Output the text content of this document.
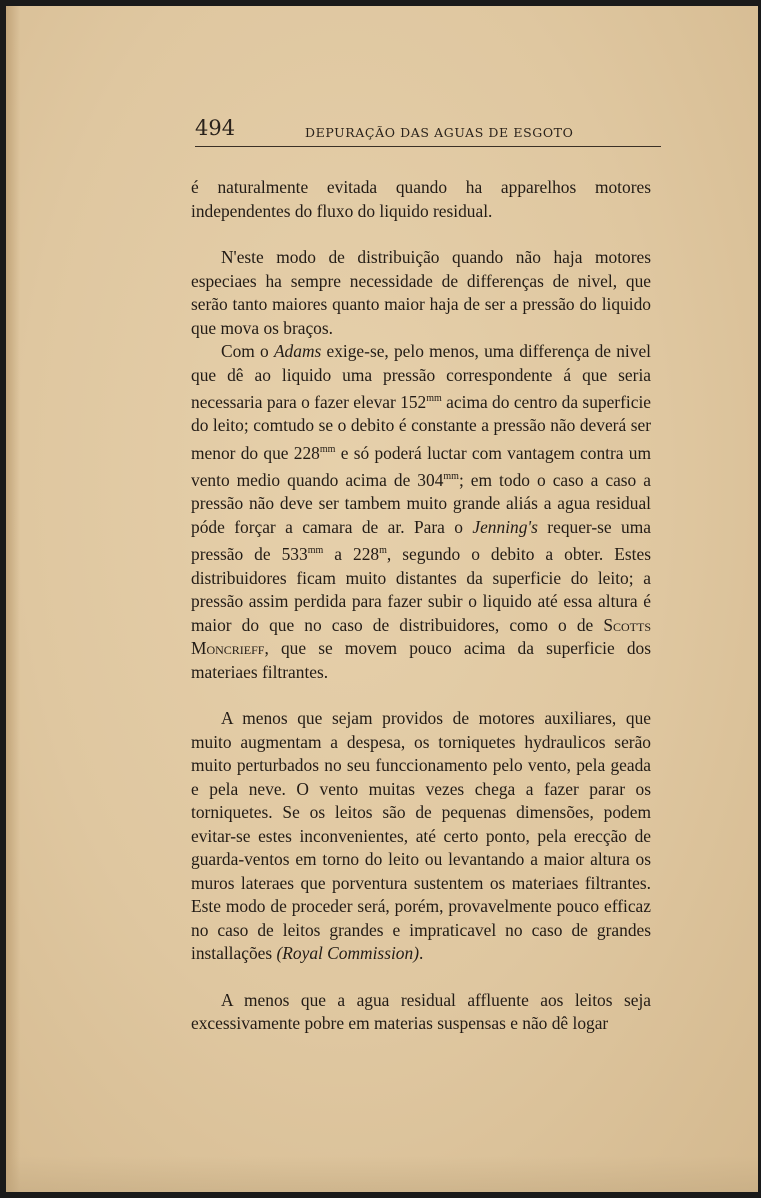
494	DEPURAÇÃO DAS AGUAS DE ESGOTO

é naturalmente evitada quando ha apparelhos motores independentes do fluxo do liquido residual.

N'este modo de distribuição quando não haja motores especiaes ha sempre necessidade de differenças de nivel, que serão tanto maiores quanto maior haja de ser a pressão do liquido que mova os braços.

Com o Adams exige-se, pelo menos, uma differença de nivel que dê ao liquido uma pressão correspondente á que seria necessaria para o fazer elevar $152^{mm}$ acima do centro da superficie do leito; comtudo se o debito é constante a pressão não deverá ser menor do que $228^{mm}$ e só poderá luctar com vantagem contra um vento medio quando acima de $304^{mm}$; em todo o caso a caso a pressão não deve ser tambem muito grande aliás a agua residual póde forçar a camara de ar. Para o Jenning's requer-se uma pressão de $533^{mm}$ a 228$^m$, segundo o debito a obter. Estes distribuidores ficam muito distantes da superficie do leito; a pressão assim perdida para fazer subir o liquido até essa altura é maior do que no caso de distribuidores, como o de Scotts Moncrieff, que se movem pouco acima da superficie dos materiaes filtrantes.

A menos que sejam providos de motores auxiliares, que muito augmentam a despesa, os torniquetes hydraulicos serão muito perturbados no seu funccionamento pelo vento, pela geada e pela neve. O vento muitas vezes chega a fazer parar os torniquetes. Se os leitos são de pequenas dimensões, podem evitar-se estes inconvenientes, até certo ponto, pela erecção de guarda-ventos em torno do leito ou levantando a maior altura os muros lateraes que porventura sustentem os materiaes filtrantes. Este modo de proceder será, porém, provavelmente pouco efficaz no caso de leitos grandes e impraticavel no caso de grandes installações (Royal Commission).

A menos que a agua residual affluente aos leitos seja excessivamente pobre em materias suspensas e não dê logar
